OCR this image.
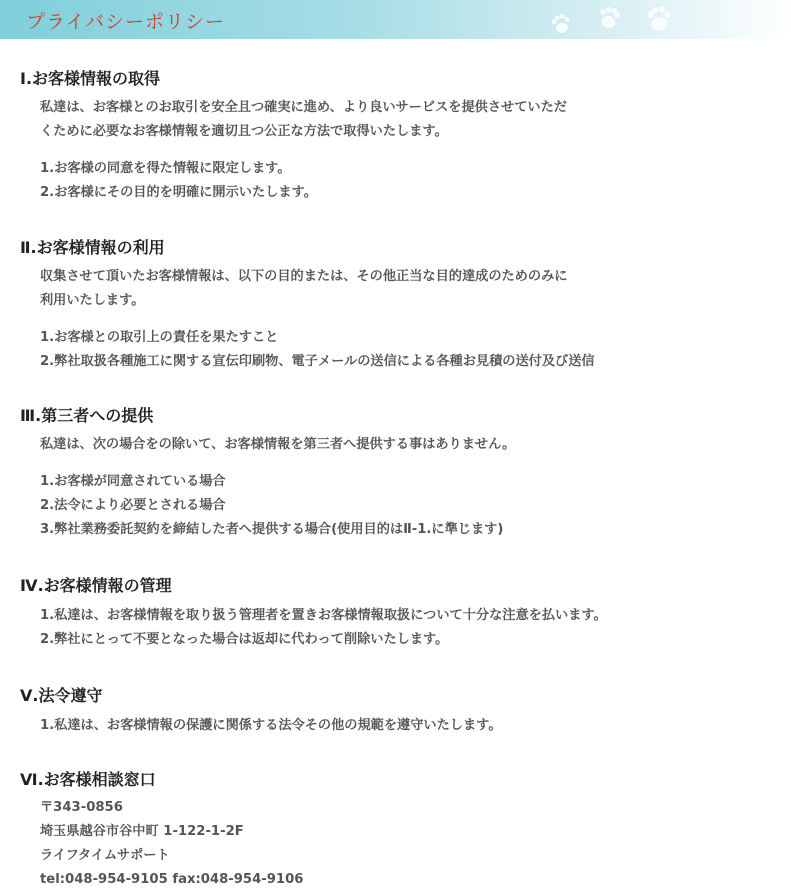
プライバシーポリシー
Ⅰ.お客様情報の取得
私達は、お客様とのお取引を安全且つ確実に進め、より良いサービスを提供させていただ
くために必要なお客様情報を適切且つ公正な方法で取得いたします。
1.お客様の同意を得た情報に限定します。
2.お客様にその目的を明確に開示いたします。
Ⅱ.お客様情報の利用
収集させて頂いたお客様情報は、以下の目的または、その他正当な目的達成のためのみに
利用いたします。
1.お客様との取引上の責任を果たすこと
2.弊社取扱各種施工に関する宣伝印刷物、電子メールの送信による各種お見積の送付及び送信
Ⅲ.第三者への提供
私達は、次の場合をの除いて、お客様情報を第三者へ提供する事はありません。
1.お客様が同意されている場合
2.法令により必要とされる場合
3.弊社業務委託契約を締結した者へ提供する場合(使用目的はⅡ-1.に準じます)
Ⅳ.お客様情報の管理
1.私達は、お客様情報を取り扱う管理者を置きお客様情報取扱について十分な注意を払います。
2.弊社にとって不要となった場合は返却に代わって削除いたします。
Ⅴ.法令遵守
1.私達は、お客様情報の保護に関係する法令その他の規範を遵守いたします。
Ⅵ.お客様相談窓口
〒343-0856
埼玉県越谷市谷中町 1-122-1-2F
ライフタイムサポート
tel:048-954-9105 fax:048-954-9106
